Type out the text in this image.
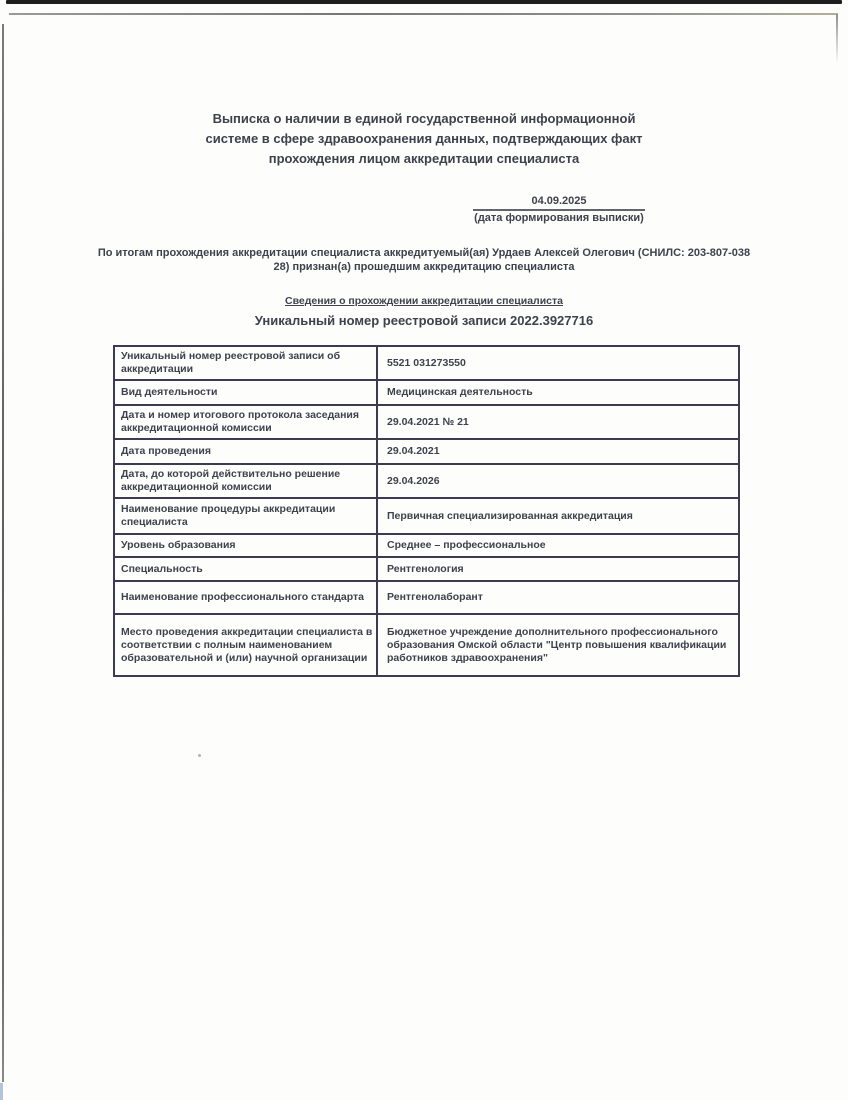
Выписка о наличии в единой государственной информационной
системе в сфере здравоохранения данных, подтверждающих факт
прохождения лицом аккредитации специалиста
04.09.2025
(дата формирования выписки)
По итогам прохождения аккредитации специалиста аккредитуемый(ая) Урдаев Алексей Олегович (СНИЛС: 203-807-038
28) признан(а) прошедшим аккредитацию специалиста
Сведения о прохождении аккредитации специалиста
Уникальный номер реестровой записи 2022.3927716
Уникальный номер реестровой записи об аккредитации	5521 031273550
Вид деятельности	Медицинская деятельность
Дата и номер итогового протокола заседания аккредитационной комиссии	29.04.2021 № 21
Дата проведения	29.04.2021
Дата, до которой действительно решение аккредитационной комиссии	29.04.2026
Наименование процедуры аккредитации специалиста	Первичная специализированная аккредитация
Уровень образования	Среднее – профессиональное
Специальность	Рентгенология
Наименование профессионального стандарта	Рентгенолаборант
Место проведения аккредитации специалиста в соответствии с полным наименованием образовательной и (или) научной организации	Бюджетное учреждение дополнительного профессионального образования Омской области "Центр повышения квалификации работников здравоохранения"
